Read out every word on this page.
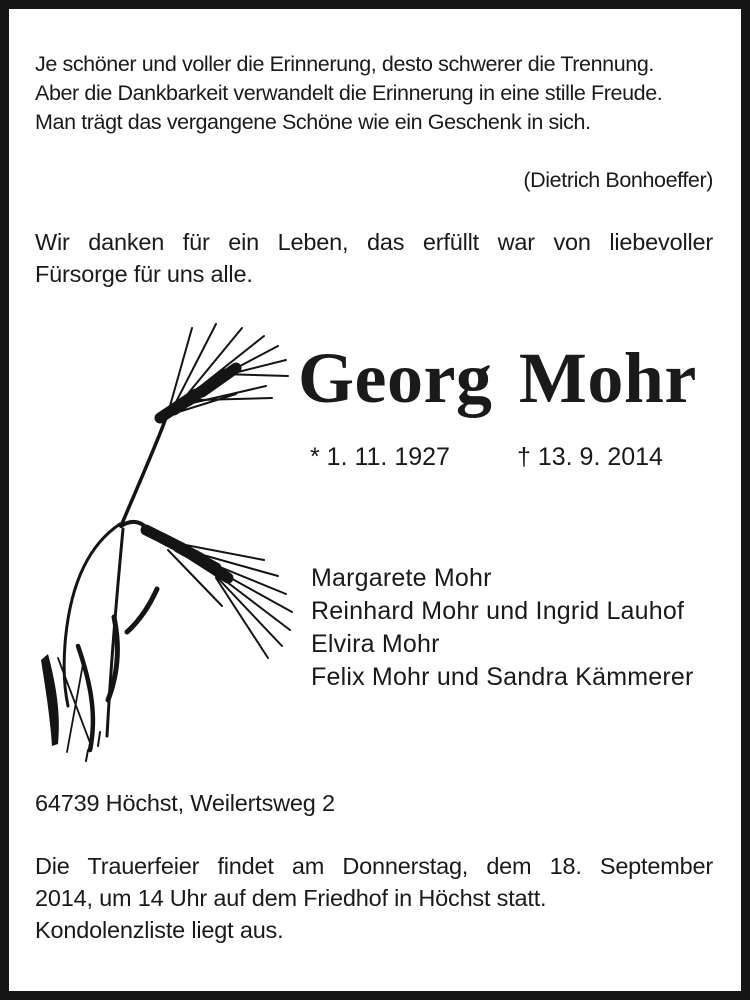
Je schöner und voller die Erinnerung, desto schwerer die Trennung.
Aber die Dankbarkeit verwandelt die Erinnerung in eine stille Freude.
Man trägt das vergangene Schöne wie ein Geschenk in sich.
(Dietrich Bonhoeffer)
Wir danken für ein Leben, das erfüllt war von liebevoller
Fürsorge für uns alle.
Georg Mohr
* 1. 11. 1927	† 13. 9. 2014
Margarete Mohr
Reinhard Mohr und Ingrid Lauhof
Elvira Mohr
Felix Mohr und Sandra Kämmerer
64739 Höchst, Weilertsweg 2
Die Trauerfeier findet am Donnerstag, dem 18. September
2014, um 14 Uhr auf dem Friedhof in Höchst statt.
Kondolenzliste liegt aus.
